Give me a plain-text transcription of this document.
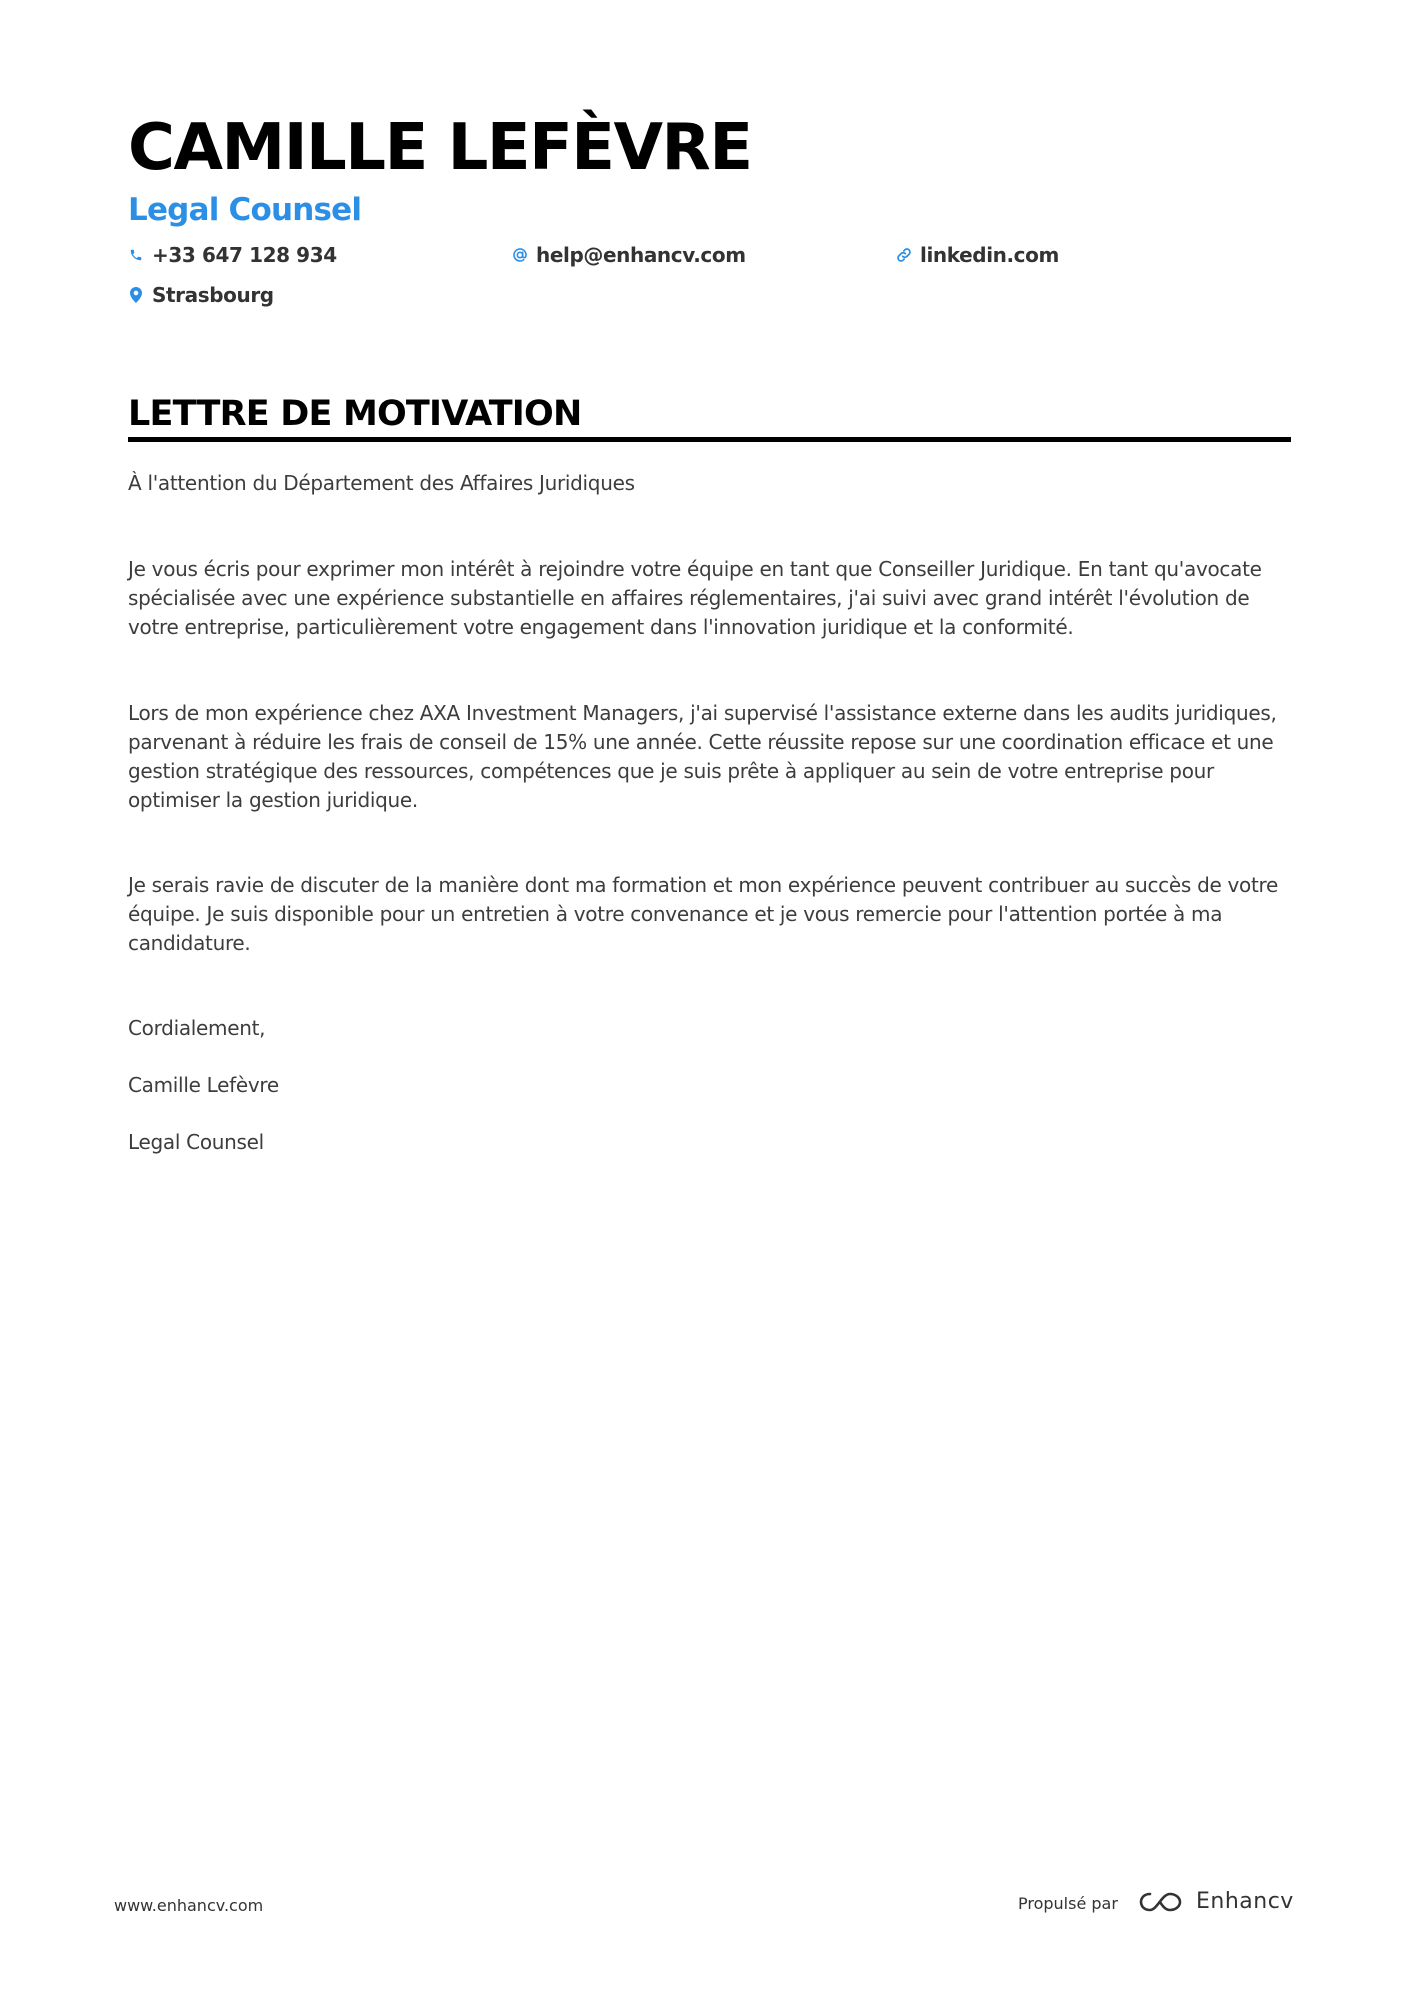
CAMILLE LEFÈVRE
Legal Counsel
+33 647 128 934	help@enhancv.com	linkedin.com
Strasbourg
LETTRE DE MOTIVATION
À l'attention du Département des Affaires Juridiques
Je vous écris pour exprimer mon intérêt à rejoindre votre équipe en tant que Conseiller Juridique. En tant qu'avocate spécialisée avec une expérience substantielle en affaires réglementaires, j'ai suivi avec grand intérêt l'évolution de votre entreprise, particulièrement votre engagement dans l'innovation juridique et la conformité.
Lors de mon expérience chez AXA Investment Managers, j'ai supervisé l'assistance externe dans les audits juridiques, parvenant à réduire les frais de conseil de 15% une année. Cette réussite repose sur une coordination efficace et une gestion stratégique des ressources, compétences que je suis prête à appliquer au sein de votre entreprise pour optimiser la gestion juridique.
Je serais ravie de discuter de la manière dont ma formation et mon expérience peuvent contribuer au succès de votre équipe. Je suis disponible pour un entretien à votre convenance et je vous remercie pour l'attention portée à ma candidature.
Cordialement,
Camille Lefèvre
Legal Counsel
www.enhancv.com	Propulsé par	Enhancv
